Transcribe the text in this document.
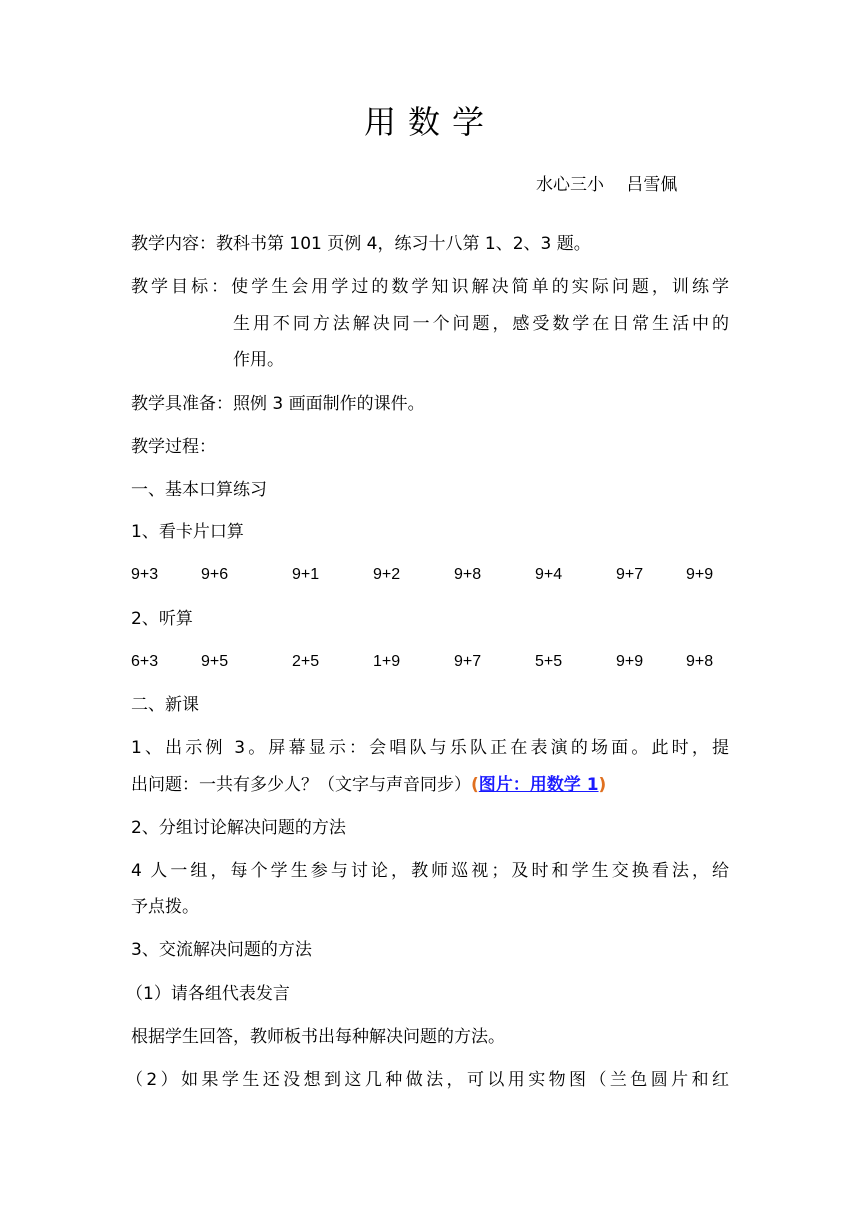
用数学
水心三小　 吕雪佩
教学内容：教科书第 101 页例 4，练习十八第 1、2、3 题。
教学目标：使学生会用学过的数学知识解决简单的实际问题，训练学
生用不同方法解决同一个问题，感受数学在日常生活中的
作用。
教学具准备：照例 3 画面制作的课件。
教学过程：
一、基本口算练习
1、看卡片口算
9+3	9+6	9+1	9+2	9+8	9+4	9+7	9+9
2、听算
6+3	9+5	2+5	1+9	9+7	5+5	9+9	9+8
二、新课
1、出示例 3。屏幕显示：会唱队与乐队正在表演的场面。此时，提
出问题：一共有多少人？（文字与声音同步）(图片：用数学 1)
2、分组讨论解决问题的方法
4 人一组，每个学生参与讨论，教师巡视；及时和学生交换看法，给
予点拨。
3、交流解决问题的方法
（1）请各组代表发言
根据学生回答，教师板书出每种解决问题的方法。
（2）如果学生还没想到这几种做法，可以用实物图（兰色圆片和红
